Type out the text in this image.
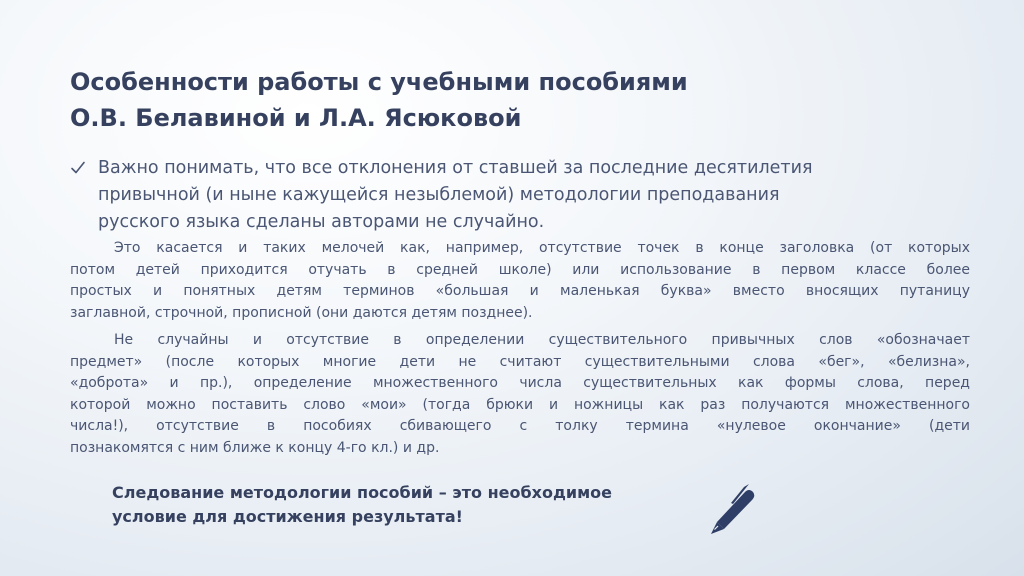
Особенности работы с учебными пособиями
О.В. Белавиной и Л.А. Ясюковой
Важно понимать, что все отклонения от ставшей за последние десятилетия
привычной (и ныне кажущейся незыблемой) методологии преподавания
русского языка сделаны авторами не случайно.
Это касается и таких мелочей как, например, отсутствие точек в конце заголовка (от которых
потом детей приходится отучать в средней школе) или использование в первом классе более
простых и понятных детям терминов «большая и маленькая буква» вместо вносящих путаницу
заглавной, строчной, прописной (они даются детям позднее).
Не случайны и отсутствие в определении существительного привычных слов «обозначает
предмет» (после которых многие дети не считают существительными слова «бег», «белизна»,
«доброта» и пр.), определение множественного числа существительных как формы слова, перед
которой можно поставить слово «мои» (тогда брюки и ножницы как раз получаются множественного
числа!), отсутствие в пособиях сбивающего с толку термина «нулевое окончание» (дети
познакомятся с ним ближе к концу 4-го кл.) и др.
Следование методологии пособий – это необходимое
условие для достижения результата!
